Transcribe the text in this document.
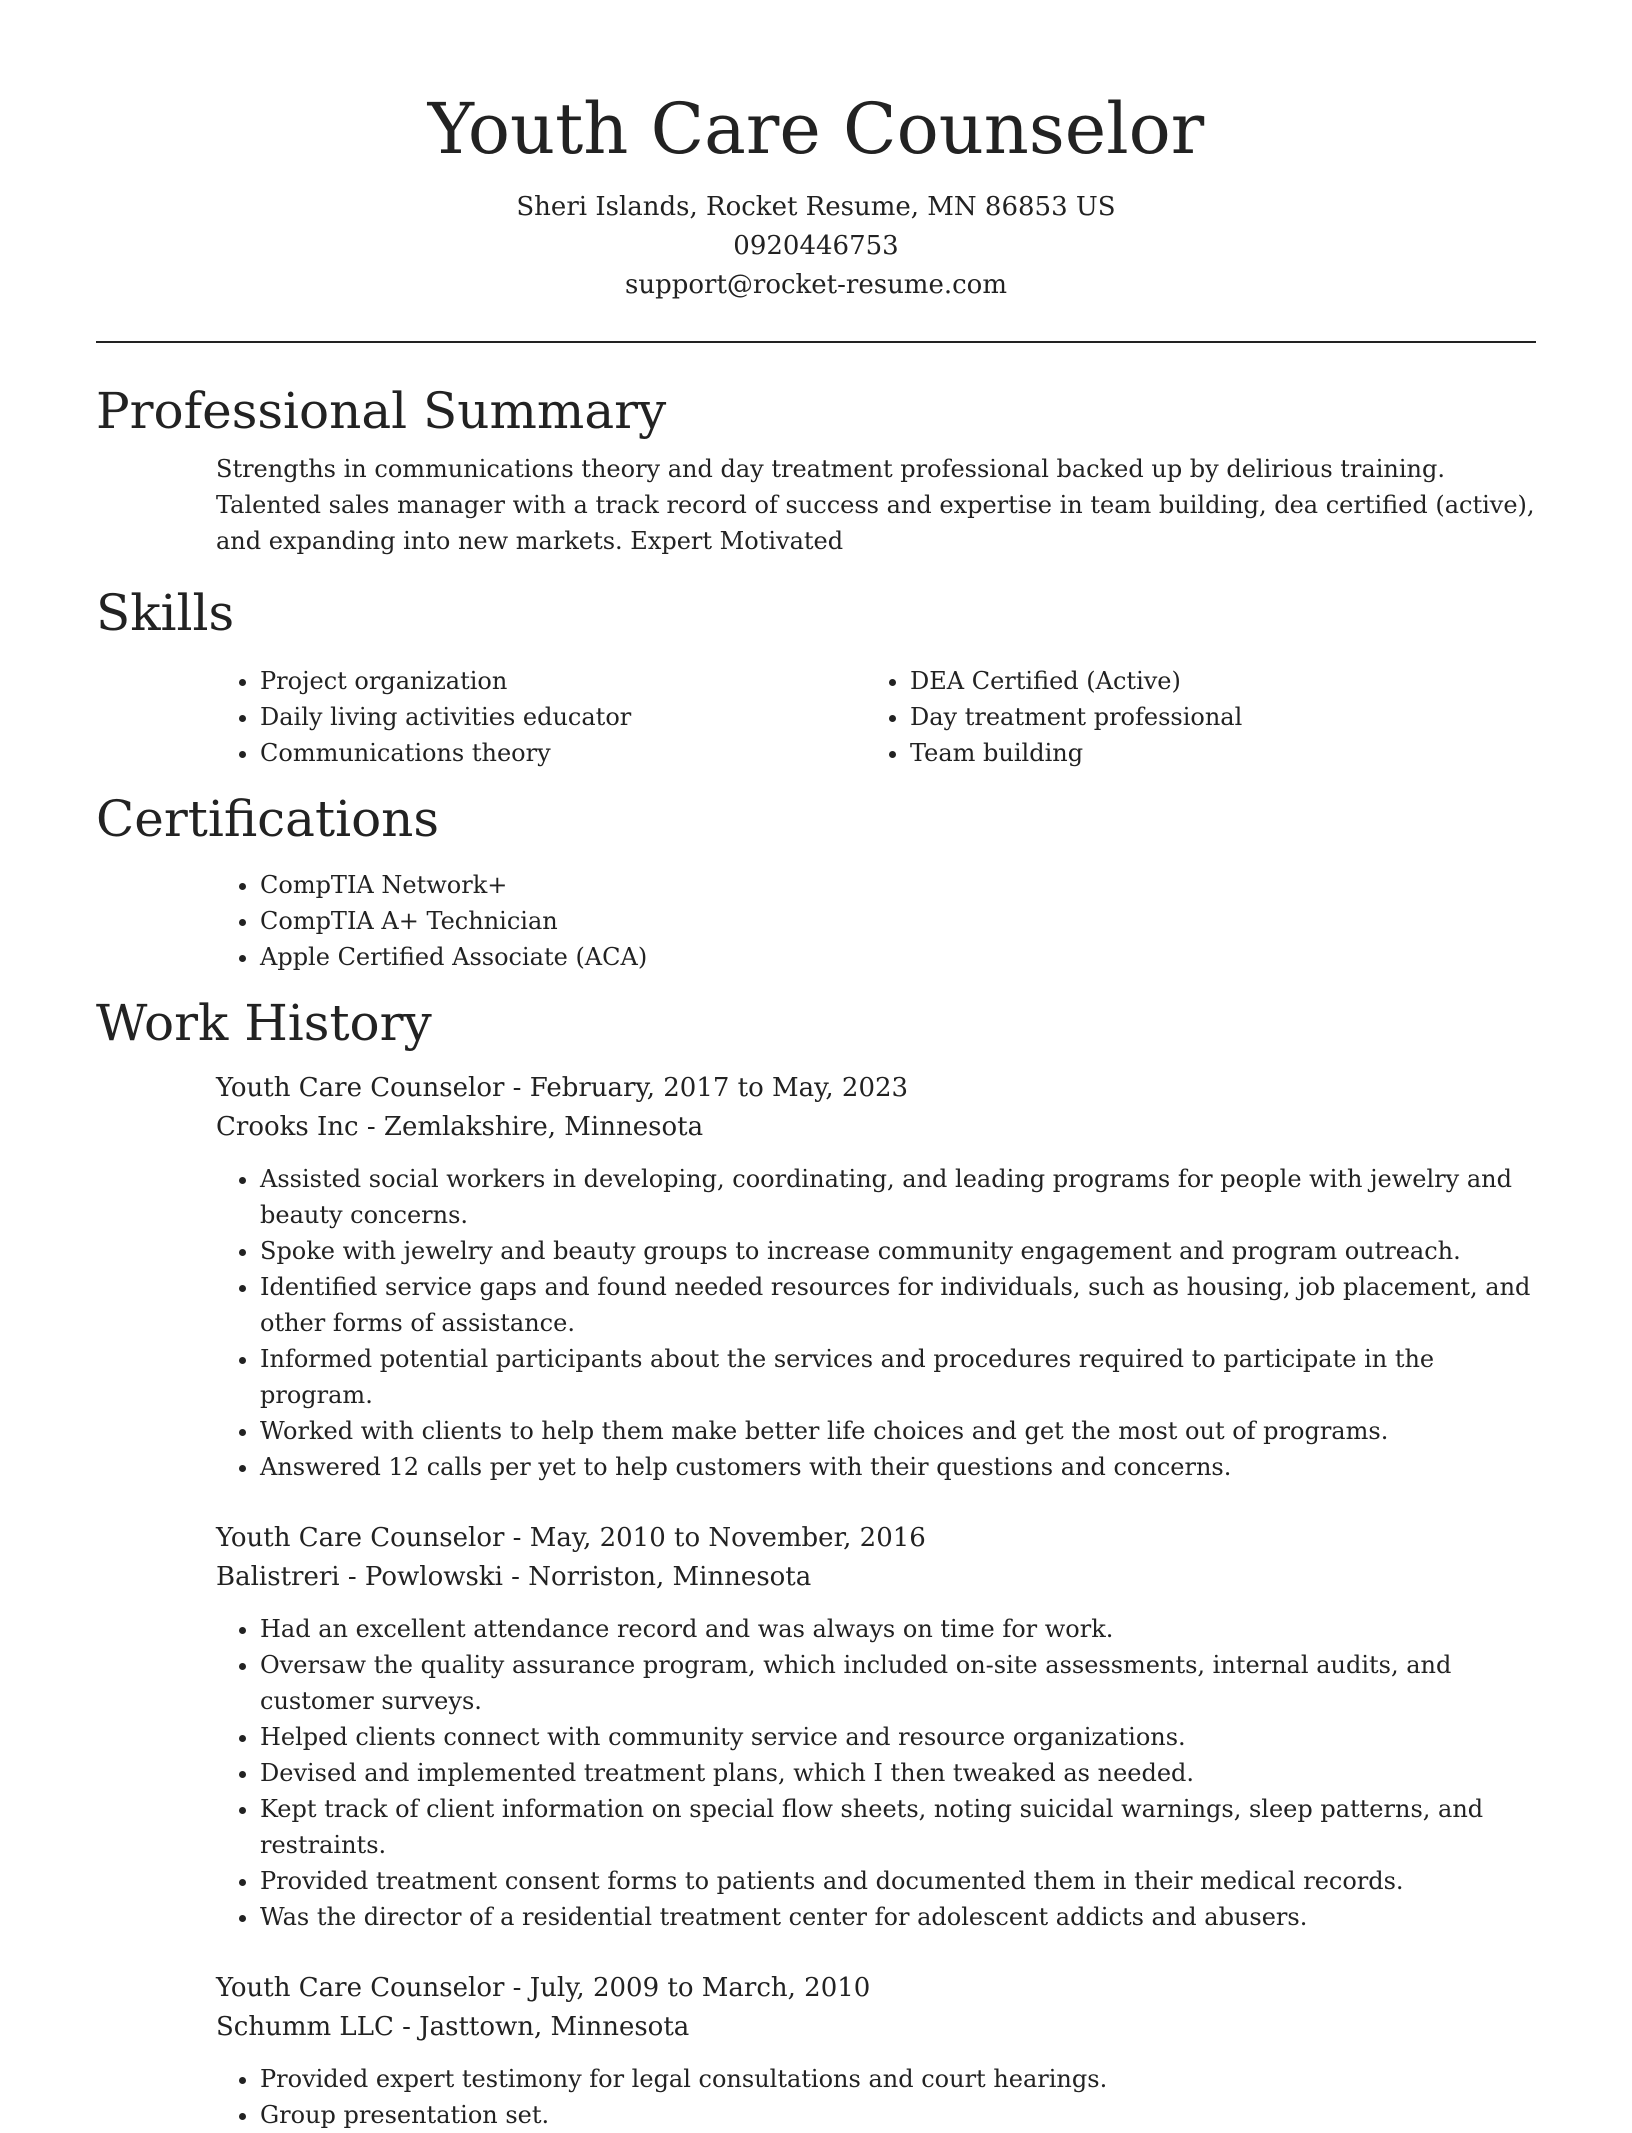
Youth Care Counselor
Sheri Islands, Rocket Resume, MN 86853 US
0920446753
support@rocket-resume.com
Professional Summary

Strengths in communications theory and day treatment professional backed up by delirious training. Talented sales manager with a track record of success and expertise in team building, dea certified (active), and expanding into new markets. Expert Motivated

Skills
• Project organization
• Daily living activities educator
• Communications theory
• DEA Certified (Active)
• Day treatment professional
• Team building
Certifications
• CompTIA Network+
• CompTIA A+ Technician
• Apple Certified Associate (ACA)
Work History
Youth Care Counselor - February, 2017 to May, 2023
Crooks Inc - Zemlakshire, Minnesota
• Assisted social workers in developing, coordinating, and leading programs for people with jewelry and beauty concerns.
• Spoke with jewelry and beauty groups to increase community engagement and program outreach.
• Identified service gaps and found needed resources for individuals, such as housing, job placement, and other forms of assistance.
• Informed potential participants about the services and procedures required to participate in the program.
• Worked with clients to help them make better life choices and get the most out of programs.
• Answered 12 calls per yet to help customers with their questions and concerns.
Youth Care Counselor - May, 2010 to November, 2016
Balistreri - Powlowski - Norriston, Minnesota
• Had an excellent attendance record and was always on time for work.
• Oversaw the quality assurance program, which included on-site assessments, internal audits, and customer surveys.
• Helped clients connect with community service and resource organizations.
• Devised and implemented treatment plans, which I then tweaked as needed.
• Kept track of client information on special flow sheets, noting suicidal warnings, sleep patterns, and restraints.
• Provided treatment consent forms to patients and documented them in their medical records.
• Was the director of a residential treatment center for adolescent addicts and abusers.
Youth Care Counselor - July, 2009 to March, 2010
Schumm LLC - Jasttown, Minnesota
• Provided expert testimony for legal consultations and court hearings.
• Group presentation set.
